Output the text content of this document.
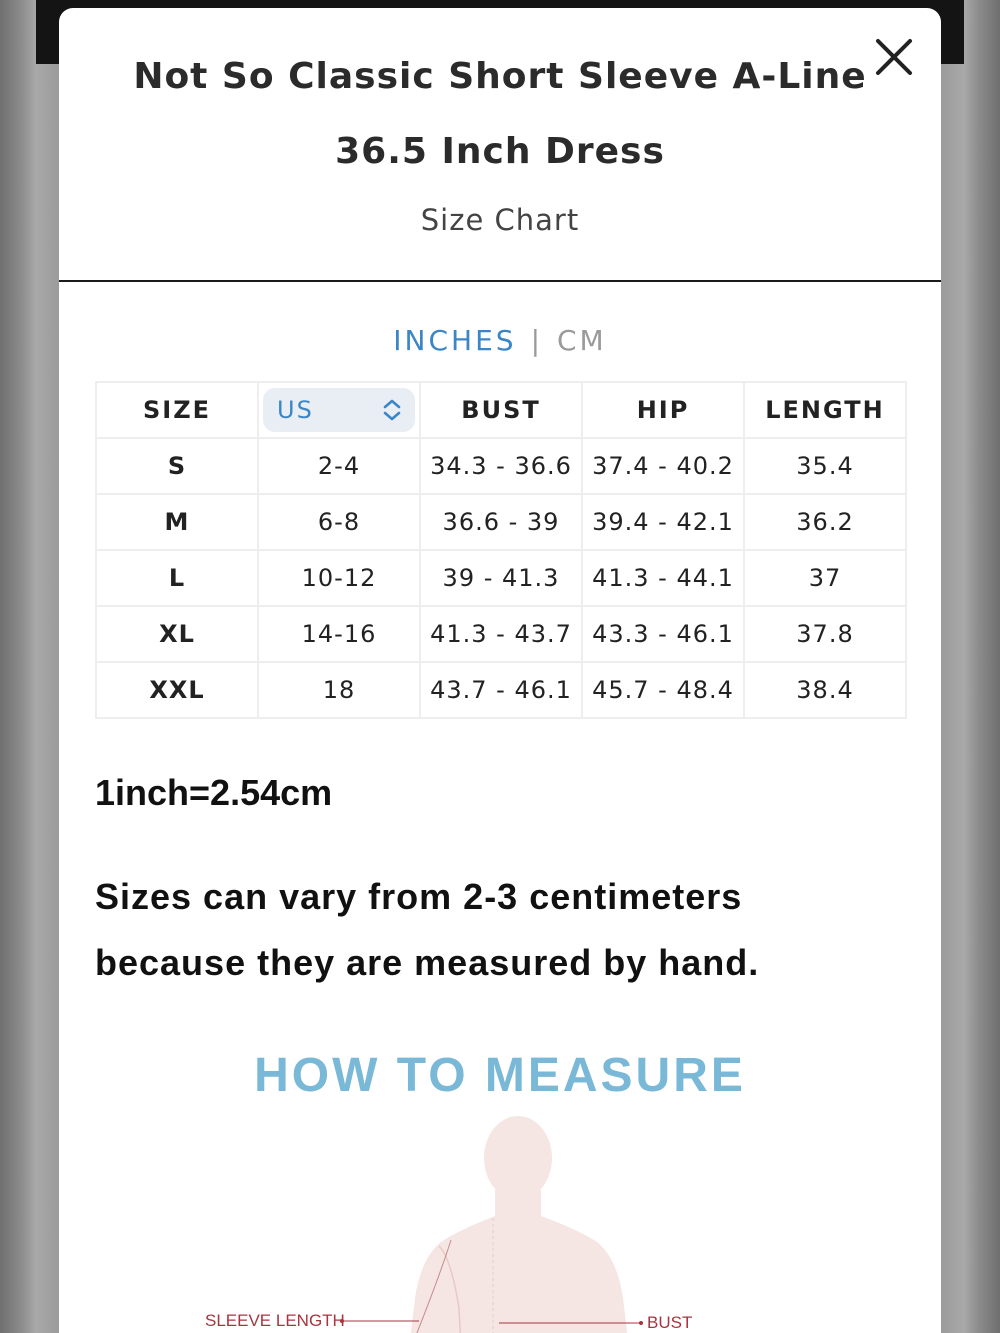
Not So Classic Short Sleeve A-Line
36.5 Inch Dress
Size Chart
INCHES | CM
SIZE	US	BUST	HIP	LENGTH
S	2-4	34.3 - 36.6	37.4 - 40.2	35.4
M	6-8	36.6 - 39	39.4 - 42.1	36.2
L	10-12	39 - 41.3	41.3 - 44.1	37
XL	14-16	41.3 - 43.7	43.3 - 46.1	37.8
XXL	18	43.7 - 46.1	45.7 - 48.4	38.4
1inch=2.54cm
Sizes can vary from 2-3 centimeters
because they are measured by hand.
HOW TO MEASURE
SLEEVE LENGTH	BUST
